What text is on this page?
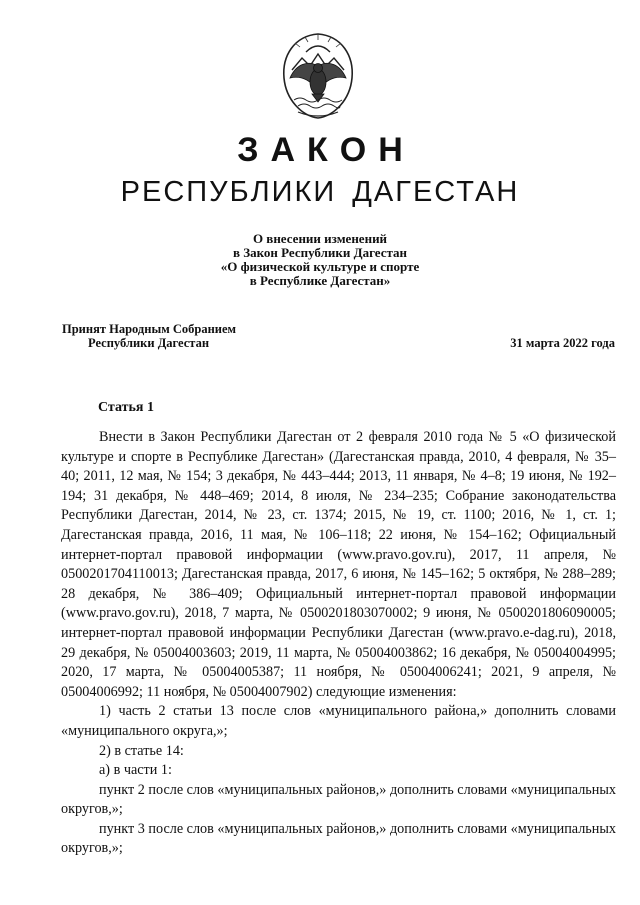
ЗАКОН
РЕСПУБЛИКИ ДАГЕСТАН
О внесении изменений
в Закон Республики Дагестан
«О физической культуре и спорте
в Республике Дагестан»
Принят Народным Собранием
Республики Дагестан	31 марта 2022 года
Статья 1

Внести в Закон Республики Дагестан от 2 февраля 2010 года № 5 «О физической культуре и спорте в Республике Дагестан» (Дагестанская правда, 2010, 4 февраля, № 35–40; 2011, 12 мая, № 154; 3 декабря, № 443–444; 2013, 11 января, № 4–8; 19 июня, № 192–194; 31 декабря, № 448–469; 2014, 8 июля, № 234–235; Собрание законодательства Республики Дагестан, 2014, № 23, ст. 1374; 2015, № 19, ст. 1100; 2016, № 1, ст. 1; Дагестанская правда, 2016, 11 мая, № 106–118; 22 июня, № 154–162; Официальный интернет-портал правовой информации (www.pravo.gov.ru), 2017, 11 апреля, № 0500201704110013; Дагестанская правда, 2017, 6 июня, № 145–162; 5 октября, № 288–289; 28 декабря, № 386–409; Официальный интернет-портал правовой информации (www.pravo.gov.ru), 2018, 7 марта, № 0500201803070002; 9 июня, № 0500201806090005; интернет-портал правовой информации Республики Дагестан (www.pravo.e-dag.ru), 2018, 29 декабря, № 05004003603; 2019, 11 марта, № 05004003862; 16 декабря, № 05004004995; 2020, 17 марта, № 05004005387; 11 ноября, № 05004006241; 2021, 9 апреля, № 05004006992; 11 ноября, № 05004007902) следующие изменения:

1) часть 2 статьи 13 после слов «муниципального района,» дополнить словами «муниципального округа,»;

2) в статье 14:

а) в части 1:

пункт 2 после слов «муниципальных районов,» дополнить словами «муниципальных округов,»;

пункт 3 после слов «муниципальных районов,» дополнить словами «муниципальных округов,»;
